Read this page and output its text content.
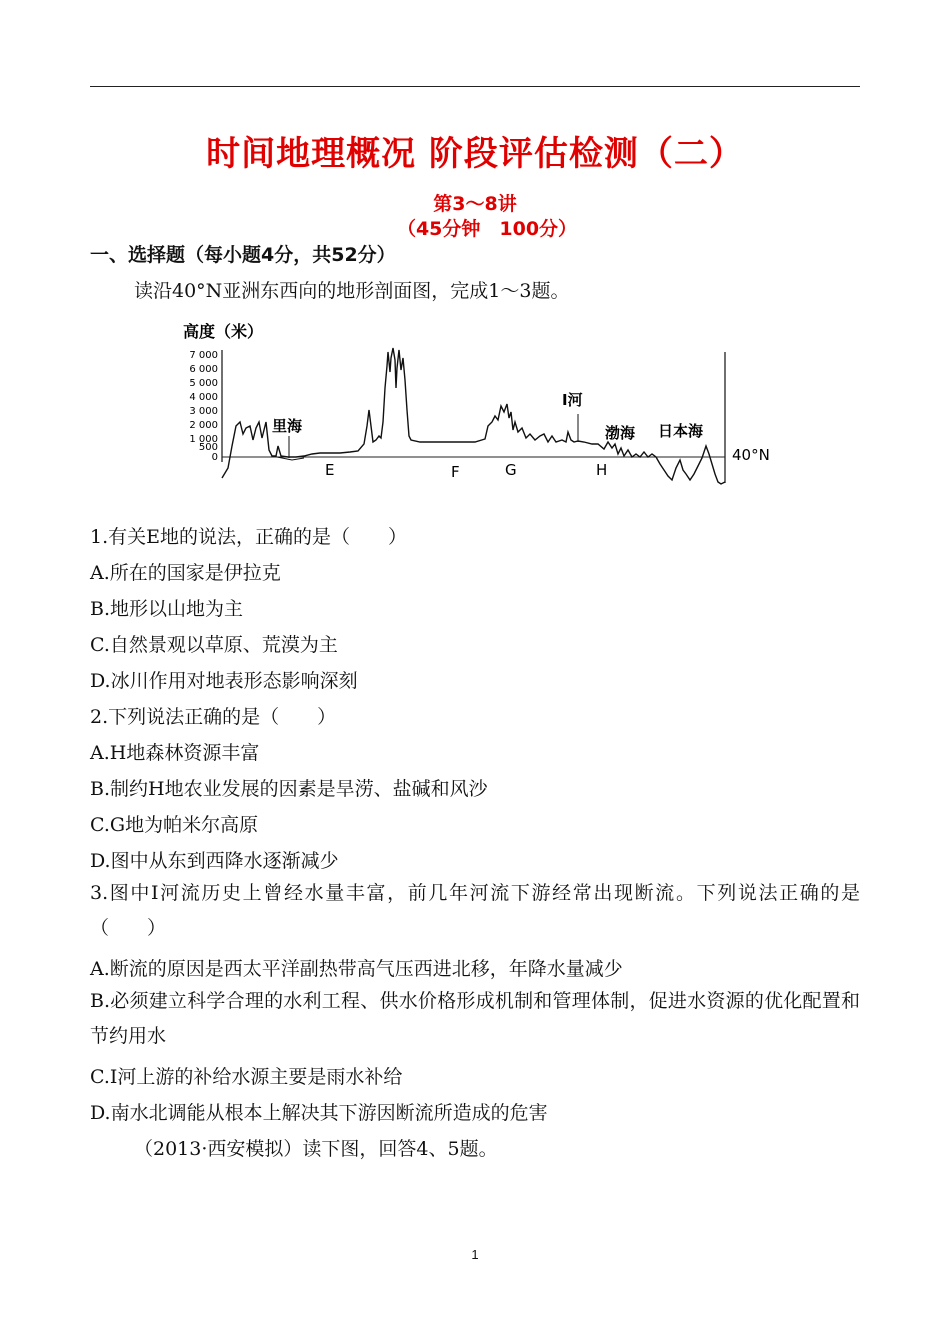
时间地理概况 阶段评估检测（二）
第3～8讲
（45分钟　100分）
一、选择题（每小题4分，共52分）
读沿40°N亚洲东西向的地形剖面图，完成1～3题。
高度（米）
7 000
6 000
5 000
4 000
3 000
2 000
1 000
500
0
里海
Ⅰ河
渤海 日本海
40°N
E	F	G	H
1.有关E地的说法，正确的是（　　）
A.所在的国家是伊拉克
B.地形以山地为主
C.自然景观以草原、荒漠为主
D.冰川作用对地表形态影响深刻
2.下列说法正确的是（　　）
A.H地森林资源丰富
B.制约H地农业发展的因素是旱涝、盐碱和风沙
C.G地为帕米尔高原
D.图中从东到西降水逐渐减少
3.图中Ⅰ河流历史上曾经水量丰富，前几年河流下游经常出现断流。下列说法正确的是（　　）
A.断流的原因是西太平洋副热带高气压西进北移，年降水量减少
B.必须建立科学合理的水利工程、供水价格形成机制和管理体制，促进水资源的优化配置和节约用水
C.Ⅰ河上游的补给水源主要是雨水补给
D.南水北调能从根本上解决其下游因断流所造成的危害
（2013·西安模拟）读下图，回答4、5题。
1
